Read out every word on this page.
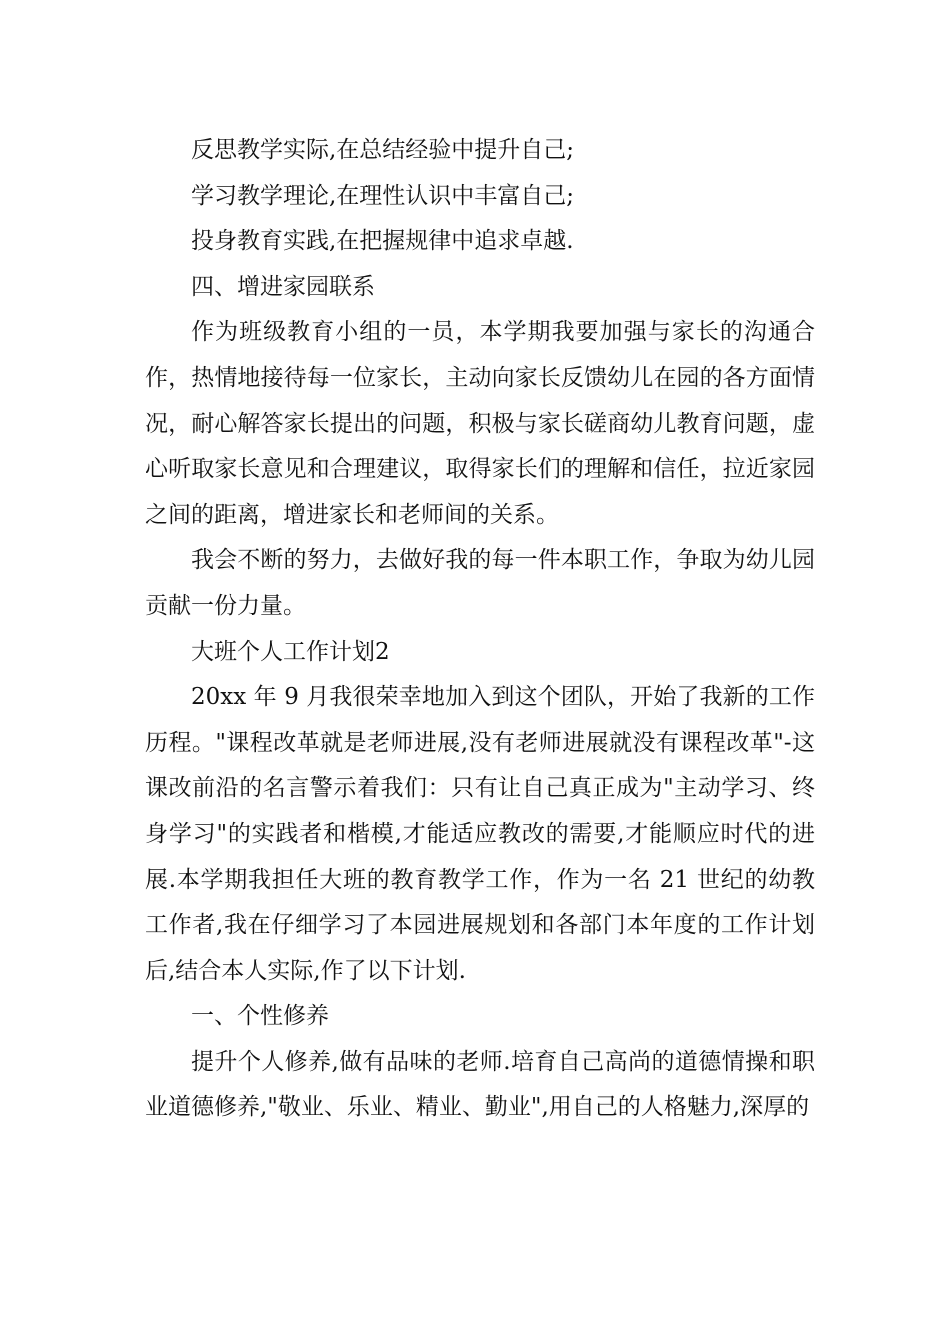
反思教学实际,在总结经验中提升自己;

学习教学理论,在理性认识中丰富自己;

投身教育实践,在把握规律中追求卓越.

四、增进家园联系

作为班级教育小组的一员，本学期我要加强与家长的沟通合作，热情地接待每一位家长，主动向家长反馈幼儿在园的各方面情况，耐心解答家长提出的问题，积极与家长磋商幼儿教育问题，虚心听取家长意见和合理建议，取得家长们的理解和信任，拉近家园之间的距离，增进家长和老师间的关系。

我会不断的努力，去做好我的每一件本职工作，争取为幼儿园贡献一份力量。

大班个人工作计划2

20xx 年 9 月我很荣幸地加入到这个团队，开始了我新的工作历程。"课程改革就是老师进展,没有老师进展就没有课程改革"-这课改前沿的名言警示着我们：只有让自己真正成为"主动学习、终身学习"的实践者和楷模,才能适应教改的需要,才能顺应时代的进展.本学期我担任大班的教育教学工作，作为一名 21 世纪的幼教工作者,我在仔细学习了本园进展规划和各部门本年度的工作计划后,结合本人实际,作了以下计划.

一、个性修养

提升个人修养,做有品味的老师.培育自己高尚的道德情操和职业道德修养,"敬业、乐业、精业、勤业",用自己的人格魅力,深厚的
